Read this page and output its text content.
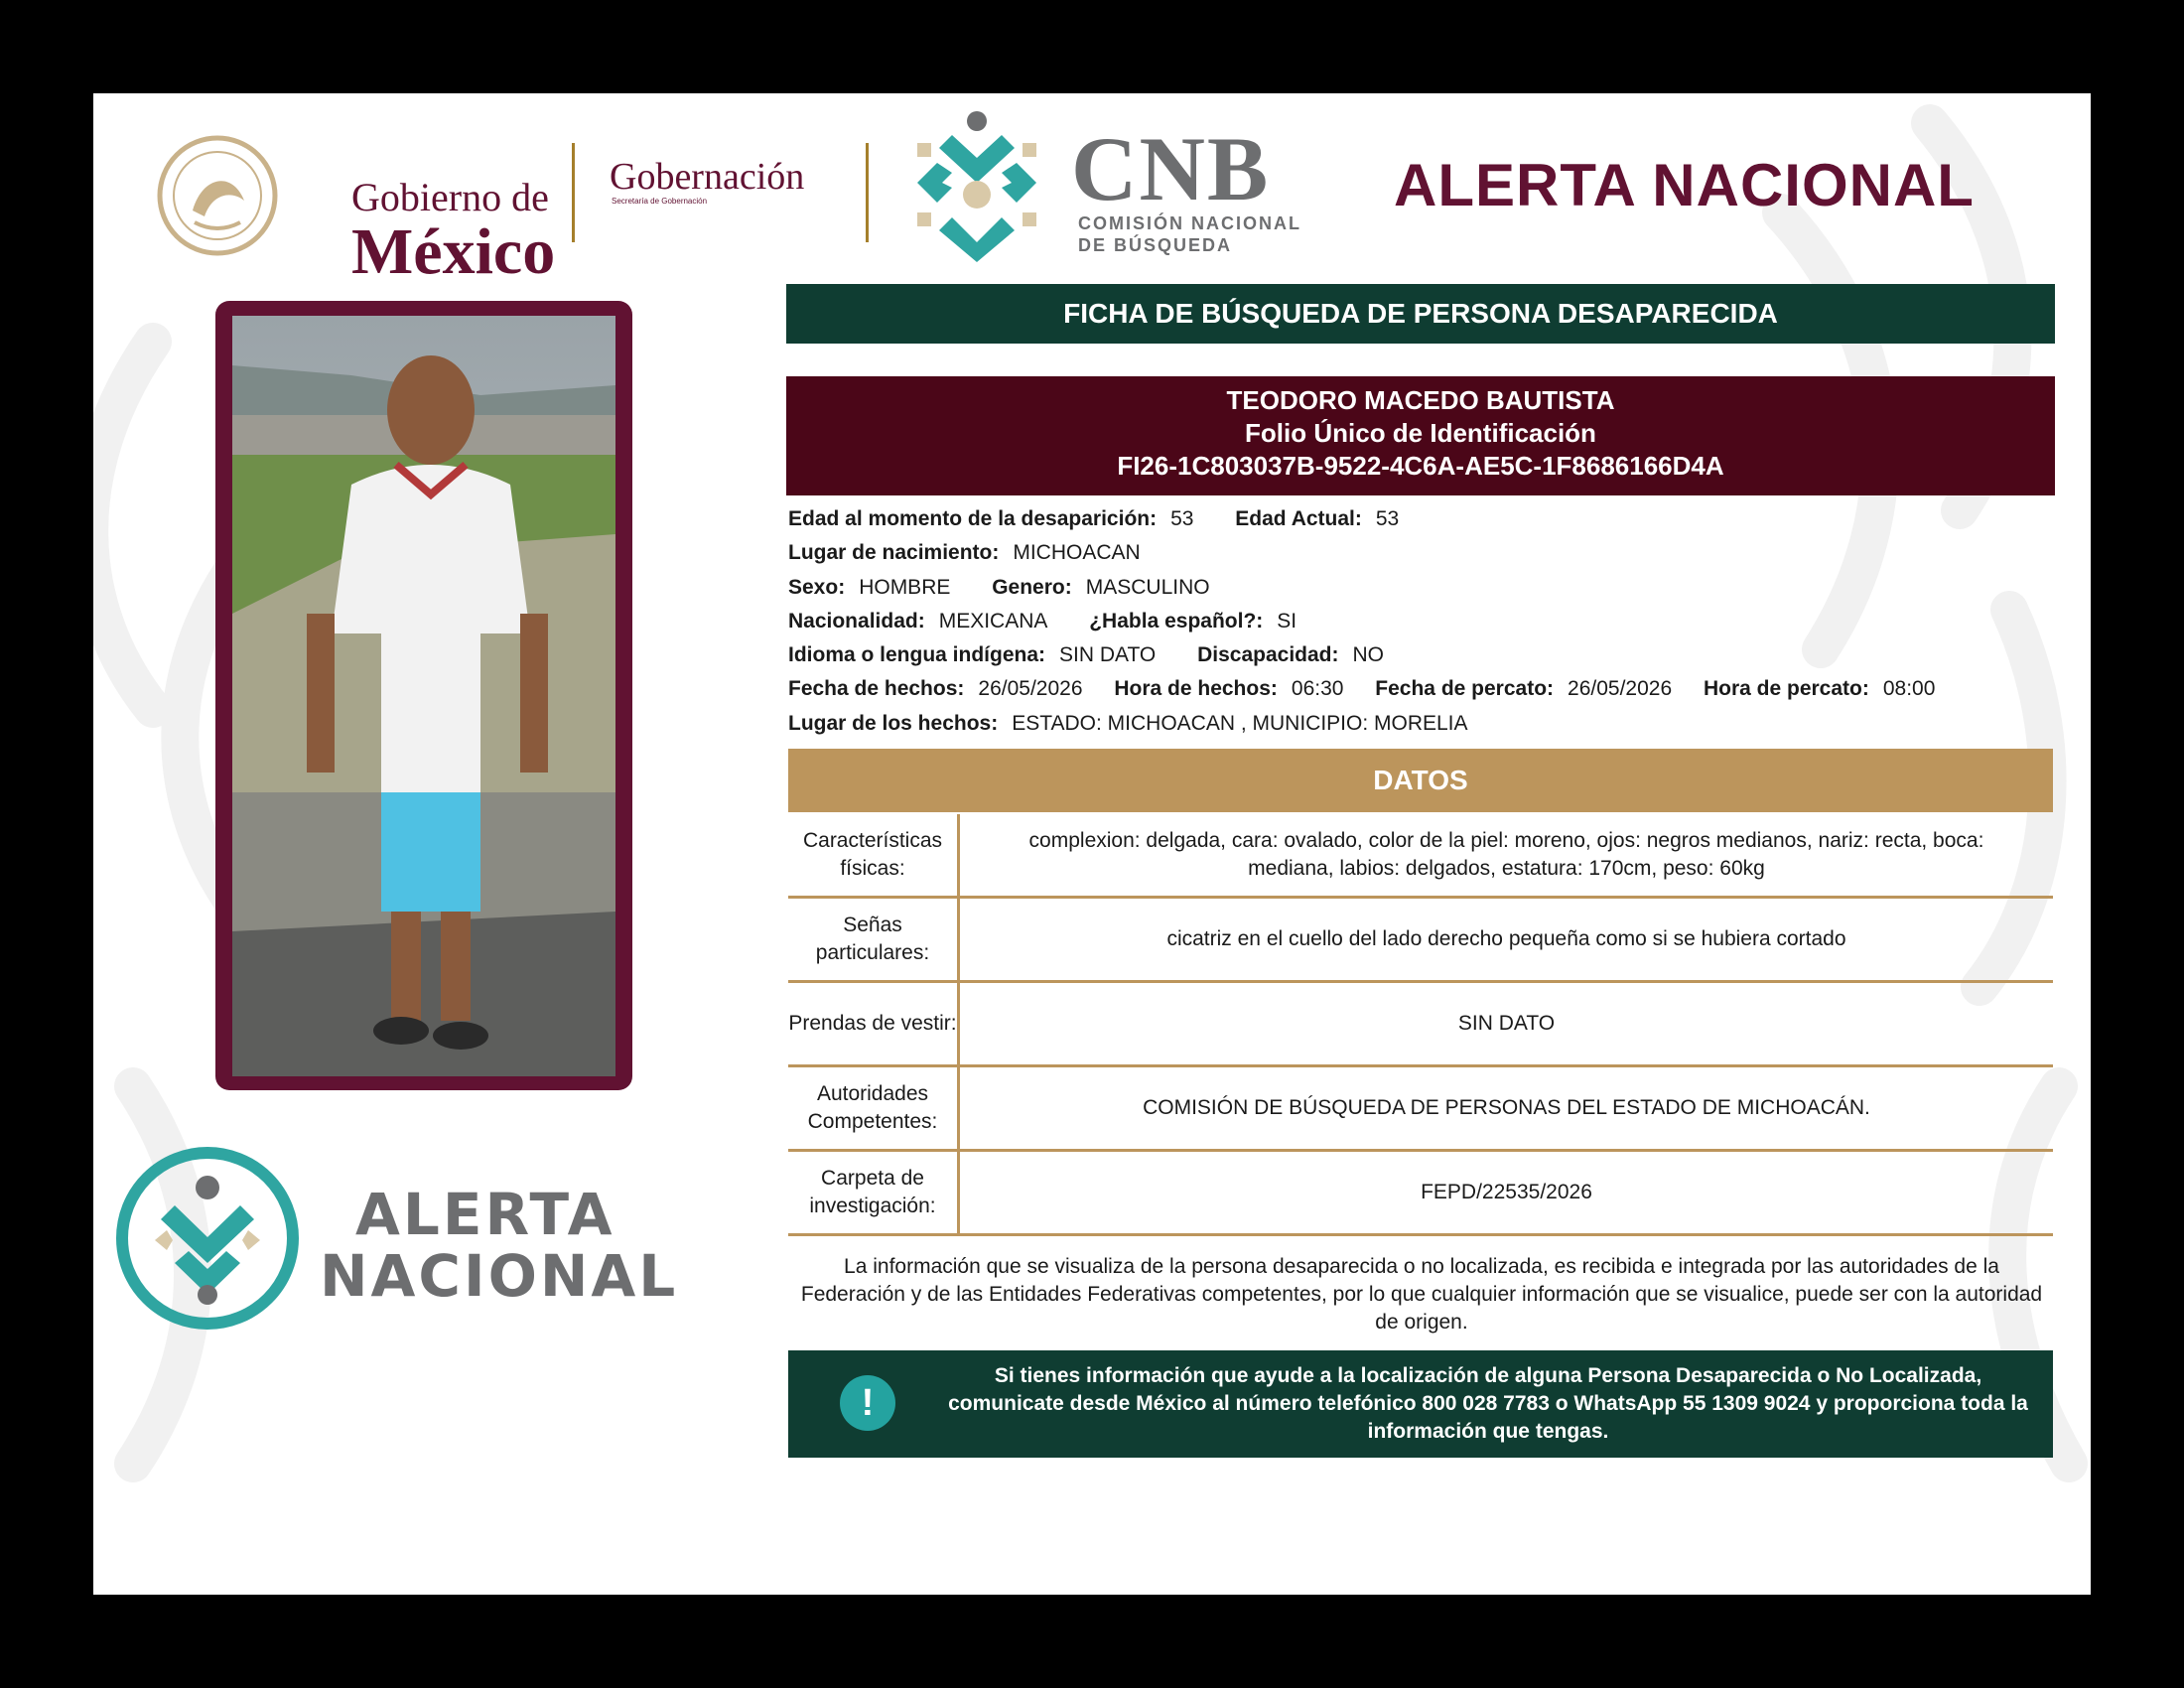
Gobierno de
México
Gobernación
Secretaría de Gobernación	CNB
COMISIÓN NACIONAL
DE BÚSQUEDA
ALERTA NACIONAL
ALERTA
NACIONAL
FICHA DE BÚSQUEDA DE PERSONA DESAPARECIDA
TEODORO MACEDO BAUTISTA
Folio Único de Identificación
FI26-1C803037B-9522-4C6A-AE5C-1F8686166D4A
Edad al momento de la desaparición: 53 Edad Actual: 53
Lugar de nacimiento: MICHOACAN
Sexo: HOMBRE Genero: MASCULINO
Nacionalidad: MEXICANA ¿Habla español?: SI
Idioma o lengua indígena: SIN DATO Discapacidad: NO
Fecha de hechos: 26/05/2026 Hora de hechos: 06:30 Fecha de percato: 26/05/2026 Hora de percato: 08:00
Lugar de los hechos: ESTADO: MICHOACAN , MUNICIPIO: MORELIA
DATOS
Características físicas:
complexion: delgada, cara: ovalado, color de la piel: moreno, ojos: negros medianos, nariz: recta, boca: mediana, labios: delgados, estatura: 170cm, peso: 60kg
Señas particulares:
cicatriz en el cuello del lado derecho pequeña como si se hubiera cortado
Prendas de vestir:	SIN DATO
Autoridades Competentes:
COMISIÓN DE BÚSQUEDA DE PERSONAS DEL ESTADO DE MICHOACÁN.
Carpeta de investigación:
FEPD/22535/2026
La información que se visualiza de la persona desaparecida o no localizada, es recibida e integrada por las autoridades de la Federación y de las Entidades Federativas competentes, por lo que cualquier información que se visualice, puede ser con la autoridad de origen.
!
Si tienes información que ayude a la localización de alguna Persona Desaparecida o No Localizada, comunicate desde México al número telefónico 800 028 7783 o WhatsApp 55 1309 9024 y proporciona toda la información que tengas.
